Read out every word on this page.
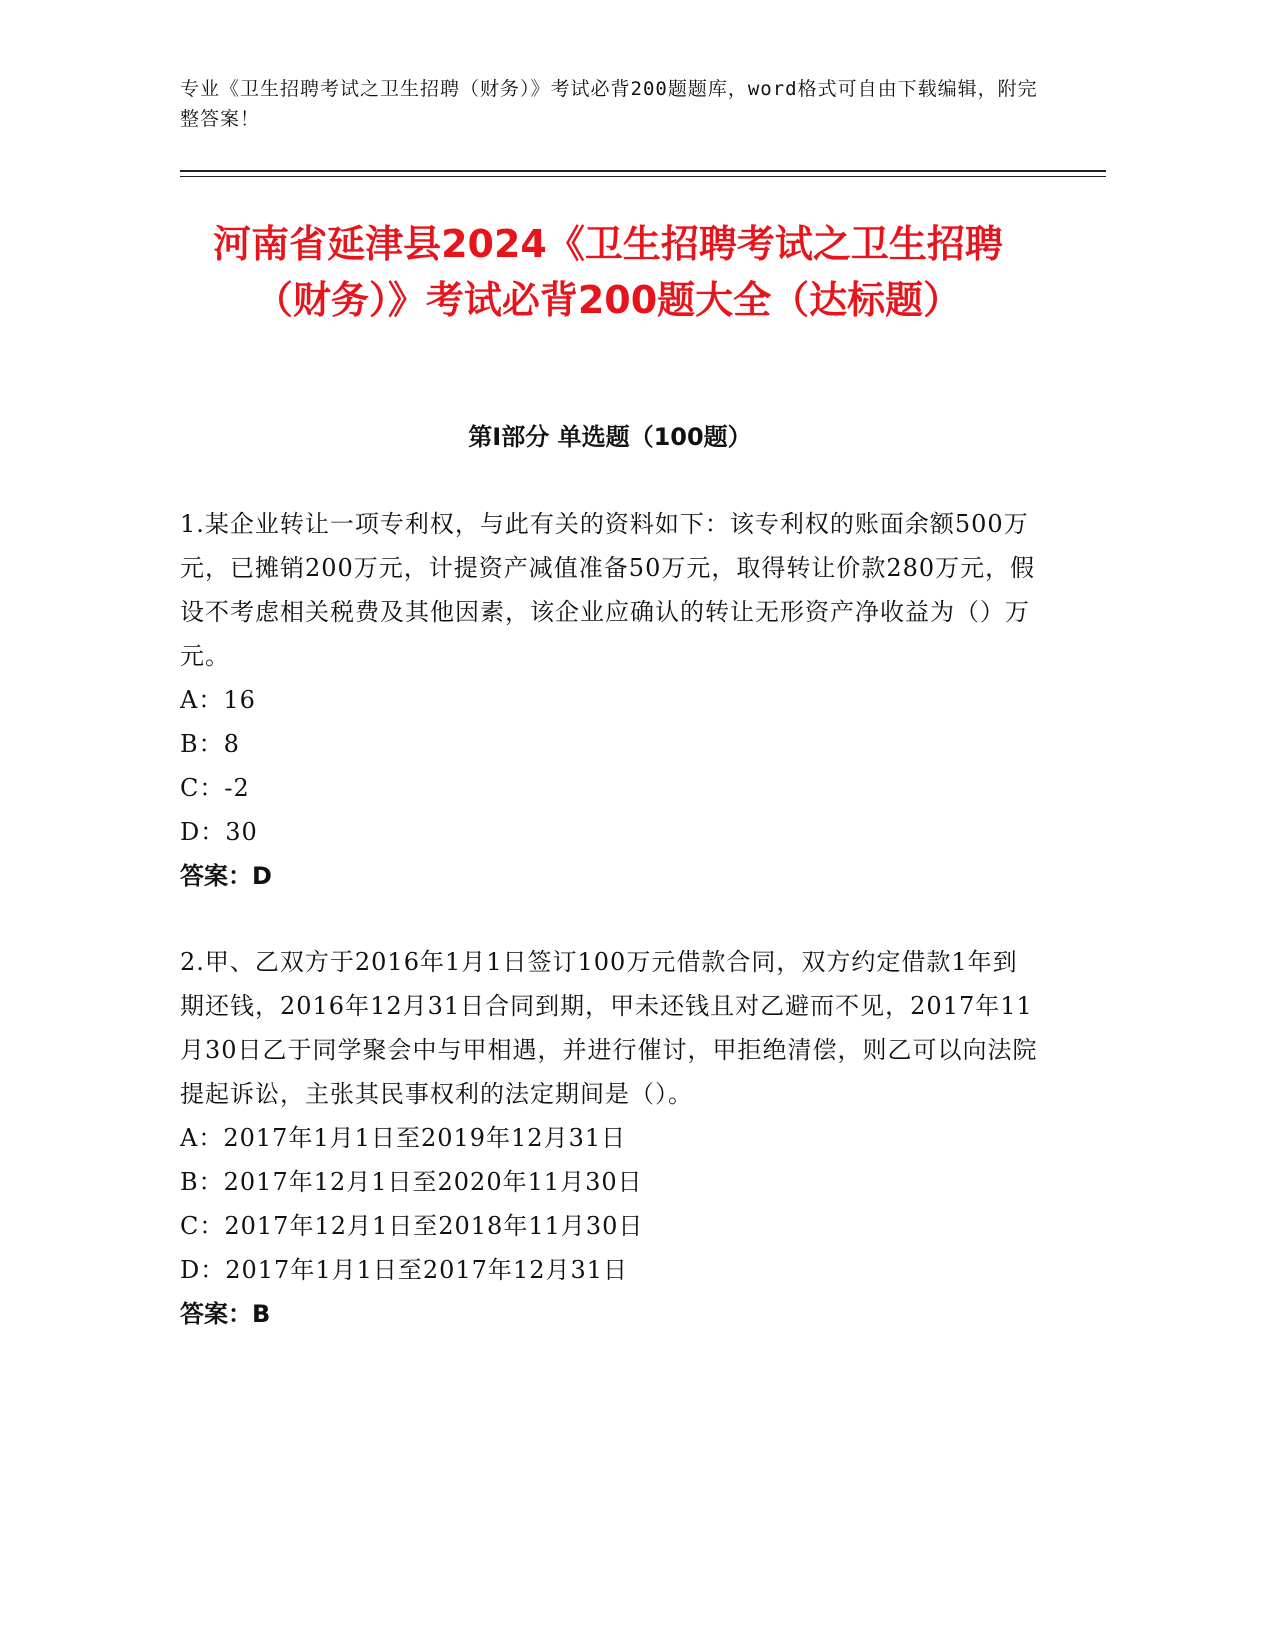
专业《卫生招聘考试之卫生招聘（财务）》考试必背200题题库，word格式可自由下载编辑，附完整答案！
河南省延津县2024《卫生招聘考试之卫生招聘（财务）》考试必背200题大全（达标题）
第Ⅰ部分 单选题（100题）

1.某企业转让一项专利权，与此有关的资料如下：该专利权的账面余额500万元，已摊销200万元，计提资产减值准备50万元，取得转让价款280万元，假设不考虑相关税费及其他因素，该企业应确认的转让无形资产净收益为（）万元。

A：16

B：8

C：-2

D：30

答案：D

2.甲、乙双方于2016年1月1日签订100万元借款合同，双方约定借款1年到期还钱，2016年12月31日合同到期，甲未还钱且对乙避而不见，2017年11月30日乙于同学聚会中与甲相遇，并进行催讨，甲拒绝清偿，则乙可以向法院提起诉讼，主张其民事权利的法定期间是（）。

A：2017年1月1日至2019年12月31日

B：2017年12月1日至2020年11月30日

C：2017年12月1日至2018年11月30日

D：2017年1月1日至2017年12月31日

答案：B
